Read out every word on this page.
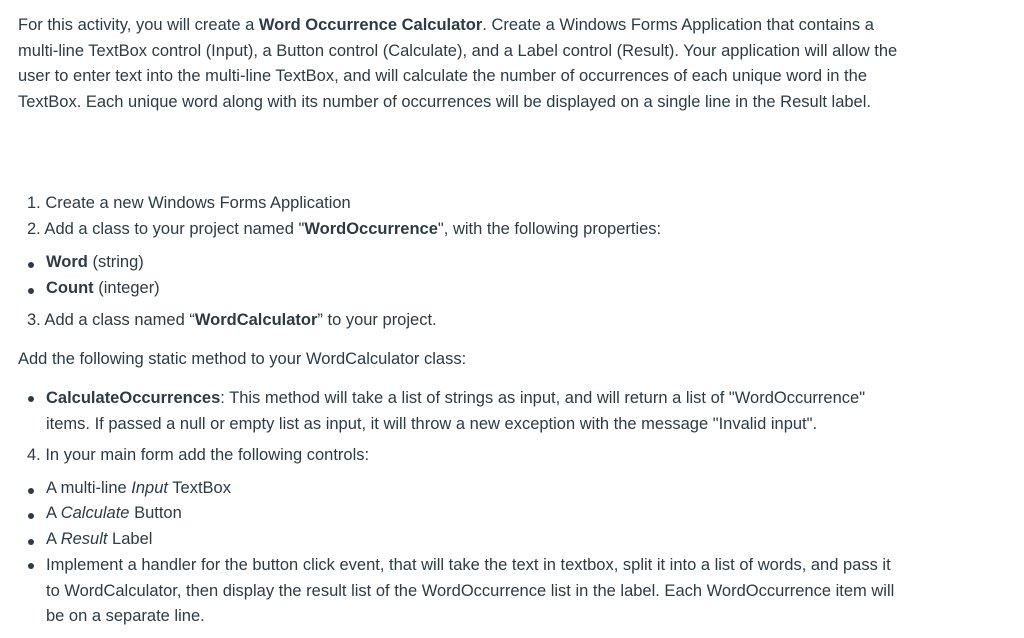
For this activity, you will create a Word Occurrence Calculator. Create a Windows Forms Application that contains a multi-line TextBox control (Input), a Button control (Calculate), and a Label control (Result). Your application will allow the user to enter text into the multi-line TextBox, and will calculate the number of occurrences of each unique word in the TextBox. Each unique word along with its number of occurrences will be displayed on a single line in the Result label.

1. Create a new Windows Forms Application

2. Add a class to your project named "WordOccurrence", with the following properties:

Word (string)

Count (integer)

3. Add a class named “WordCalculator” to your project.

Add the following static method to your WordCalculator class:

CalculateOccurrences: This method will take a list of strings as input, and will return a list of "WordOccurrence" items. If passed a null or empty list as input, it will throw a new exception with the message "Invalid input".

4. In your main form add the following controls:

A multi-line Input TextBox

A Calculate Button

A Result Label

Implement a handler for the button click event, that will take the text in textbox, split it into a list of words, and pass it to WordCalculator, then display the result list of the WordOccurrence list in the label. Each WordOccurrence item will be on a separate line.
